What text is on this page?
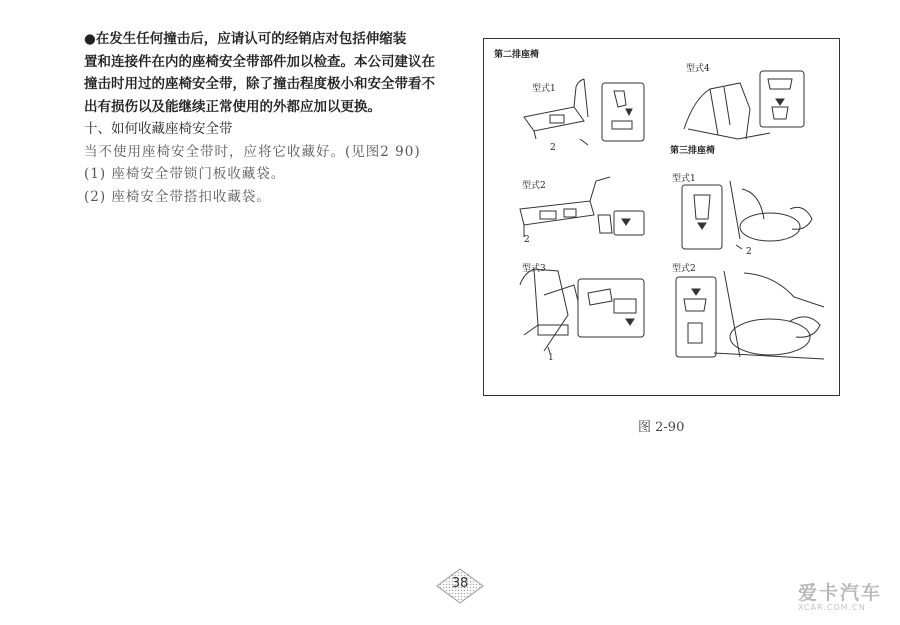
●在发生任何撞击后，应请认可的经销店对包括伸缩装

置和连接件在内的座椅安全带部件加以检查。本公司建议在

撞击时用过的座椅安全带，除了撞击程度极小和安全带看不

出有损伤以及能继续正常使用的外都应加以更换。

十、如何收藏座椅安全带

当不使用座椅安全带时，应将它收藏好。(见图2 90)

(1) 座椅安全带锁门板收藏袋。

(2) 座椅安全带搭扣收藏袋。

第二排座椅
型式1
型式4
第三排座椅
型式2
型式1
型式3	型式2
2
2
1
2
图 2-90
38	爱卡汽车
XCAR.COM.CN
